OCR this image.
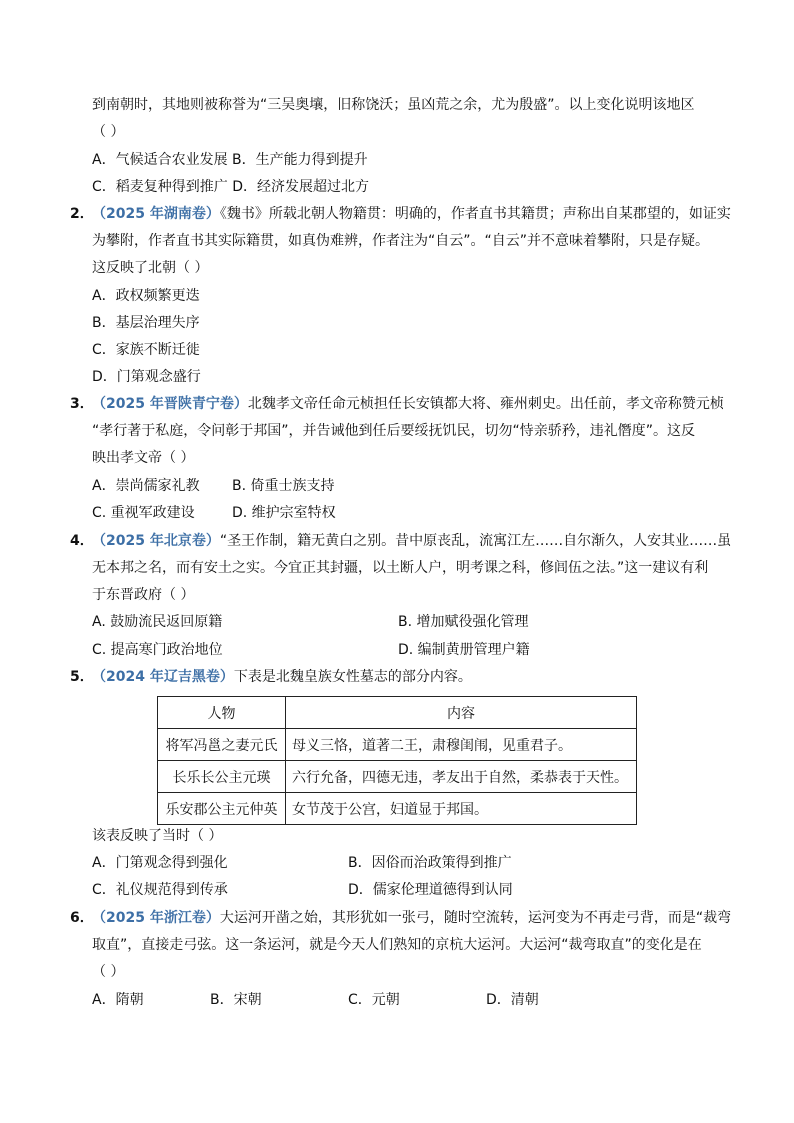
到南朝时，其地则被称誉为“三吴奥壤，旧称饶沃；虽凶荒之余，尤为殷盛”。以上变化说明该地区
（ ）
A．气候适合农业发展 B．生产能力得到提升
C．稻麦复种得到推广 D．经济发展超过北方
2．
（2025 年湖南卷）《魏书》所载北朝人物籍贯：明确的，作者直书其籍贯；声称出自某郡望的，如证实
为攀附，作者直书其实际籍贯，如真伪难辨，作者注为“自云”。“自云”并不意味着攀附，只是存疑。
这反映了北朝（ ）
A．政权频繁更迭
B．基层治理失序
C．家族不断迁徙
D．门第观念盛行
3．
（2025 年晋陕青宁卷）北魏孝文帝任命元桢担任长安镇都大将、雍州刺史。出任前，孝文帝称赞元桢
“孝行著于私庭，令问彰于邦国”，并告诫他到任后要绥抚饥民，切勿“恃亲骄矜，违礼僭度”。这反
映出孝文帝（ ）
A．崇尚儒家礼教 B. 倚重士族支持
C. 重视军政建设	D. 维护宗室特权
4．
（2025 年北京卷）“圣王作制，籍无黄白之别。昔中原丧乱，流寓江左……自尔渐久，人安其业……虽
无本邦之名，而有安土之实。今宜正其封疆，以土断人户，明考课之科，修闾伍之法。”这一建议有利
于东晋政府（ ）
A. 鼓励流民返回原籍	B. 增加赋役强化管理
C. 提高寒门政治地位	D. 编制黄册管理户籍
5．
（2024 年辽吉黑卷）下表是北魏皇族女性墓志的部分内容。
人物	内容
将军冯邕之妻元氏	母义三恪，道著二王，肃穆闺闱，见重君子。
长乐长公主元瑛	六行允备，四德无违，孝友出于自然，柔恭表于天性。
乐安郡公主元仲英	女节茂于公宫，妇道显于邦国。
该表反映了当时（ ）
A．门第观念得到强化	B．因俗而治政策得到推广
C．礼仪规范得到传承	D．儒家伦理道德得到认同
6．
（2025 年浙江卷）大运河开凿之始，其形犹如一张弓，随时空流转，运河变为不再走弓背，而是“裁弯
取直”，直接走弓弦。这一条运河，就是今天人们熟知的京杭大运河。大运河“裁弯取直”的变化是在
（ ）
A．隋朝	B．宋朝	C．元朝	D．清朝
